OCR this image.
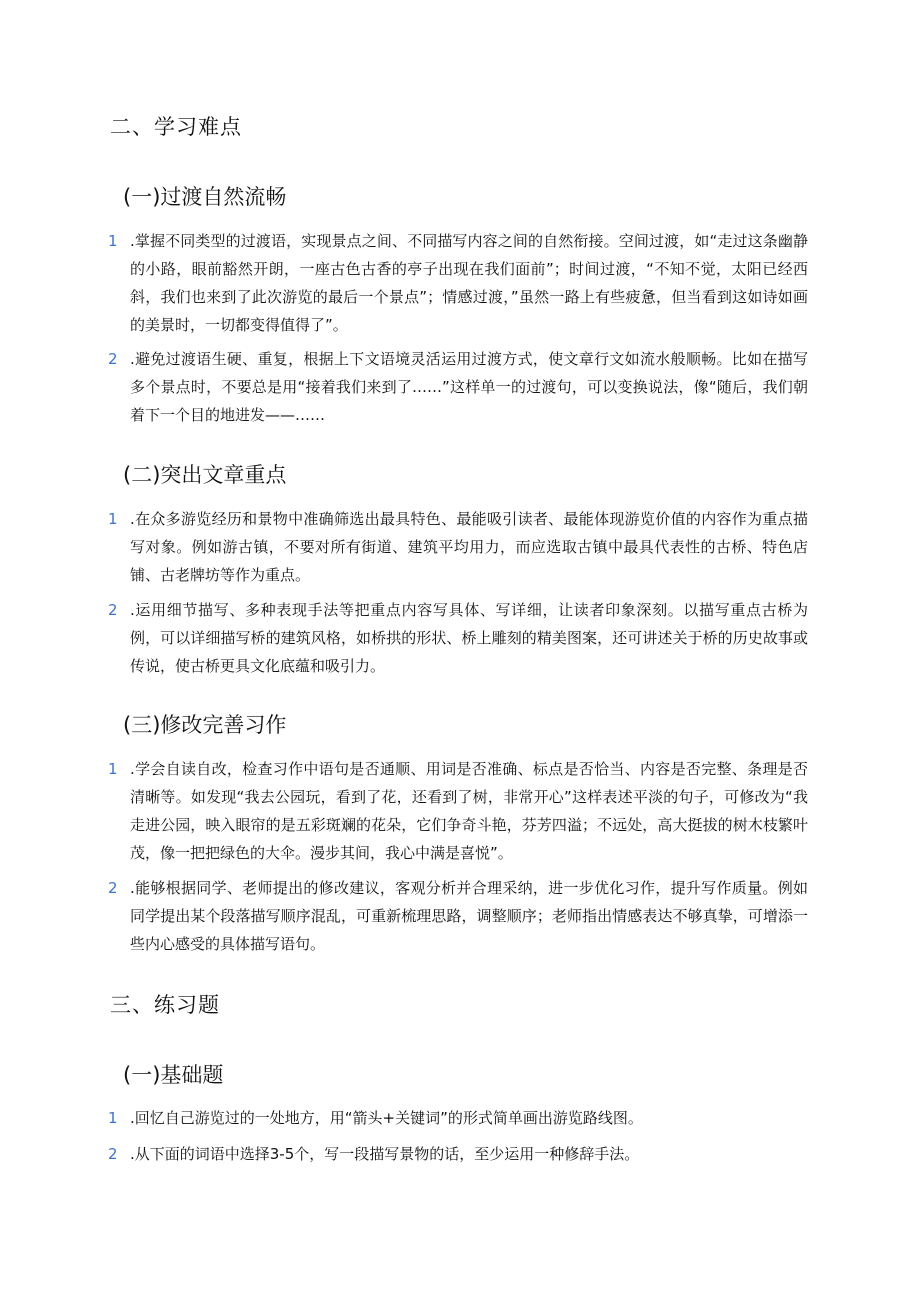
二、学习难点
(一)过渡自然流畅
1 .掌握不同类型的过渡语，实现景点之间、不同描写内容之间的自然衔接。空间过渡，如“走过这条幽静的小路，眼前豁然开朗，一座古色古香的亭子出现在我们面前”；时间过渡，“不知不觉，太阳已经西斜，我们也来到了此次游览的最后一个景点”；情感过渡，”虽然一路上有些疲惫，但当看到这如诗如画的美景时，一切都变得值得了”。
2 .避免过渡语生硬、重复，根据上下文语境灵活运用过渡方式，使文章行文如流水般顺畅。比如在描写多个景点时，不要总是用“接着我们来到了……”这样单一的过渡句，可以变换说法，像“随后，我们朝着下一个目的地进发——……
(二)突出文章重点
1 .在众多游览经历和景物中准确筛选出最具特色、最能吸引读者、最能体现游览价值的内容作为重点描写对象。例如游古镇，不要对所有街道、建筑平均用力，而应选取古镇中最具代表性的古桥、特色店铺、古老牌坊等作为重点。
2 .运用细节描写、多种表现手法等把重点内容写具体、写详细，让读者印象深刻。以描写重点古桥为例，可以详细描写桥的建筑风格，如桥拱的形状、桥上雕刻的精美图案，还可讲述关于桥的历史故事或传说，使古桥更具文化底蕴和吸引力。
(三)修改完善习作
1 .学会自读自改，检查习作中语句是否通顺、用词是否准确、标点是否恰当、内容是否完整、条理是否清晰等。如发现“我去公园玩，看到了花，还看到了树，非常开心”这样表述平淡的句子，可修改为“我走进公园，映入眼帘的是五彩斑斓的花朵，它们争奇斗艳，芬芳四溢；不远处，高大挺拔的树木枝繁叶茂，像一把把绿色的大伞。漫步其间，我心中满是喜悦”。
2 .能够根据同学、老师提出的修改建议，客观分析并合理采纳，进一步优化习作，提升写作质量。例如同学提出某个段落描写顺序混乱，可重新梳理思路，调整顺序；老师指出情感表达不够真挚，可增添一些内心感受的具体描写语句。
三、练习题
(一)基础题
1 .回忆自己游览过的一处地方，用“箭头+关键词”的形式简单画出游览路线图。
2 .从下面的词语中选择3-5个，写一段描写景物的话，至少运用一种修辞手法。
